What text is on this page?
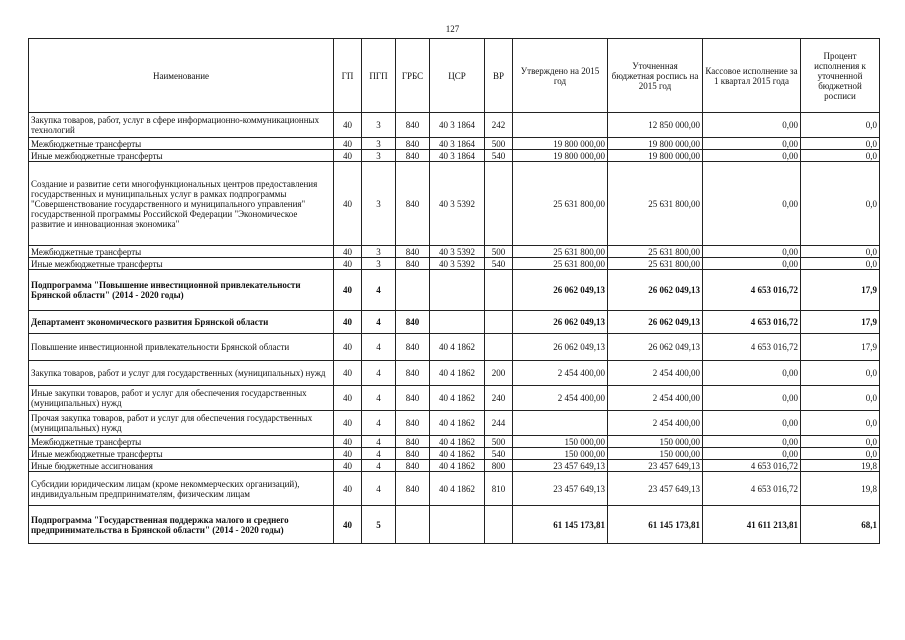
127
Наименование	ГП	ПГП	ГРБС	ЦСР	ВР	Утверждено на 2015 год	Уточненная бюджетная роспись на 2015 год	Кассовое исполнение за 1 квартал 2015 года	Процент исполнения к уточненной бюджетной росписи
Закупка товаров, работ, услуг в сфере информационно-коммуникационных технологий	40	3	840	40 3 1864	242		12 850 000,00	0,00	0,0
Межбюджетные трансферты	40	3	840	40 3 1864	500	19 800 000,00	19 800 000,00	0,00	0,0
Иные межбюджетные трансферты	40	3	840	40 3 1864	540	19 800 000,00	19 800 000,00	0,00	0,0
Создание и развитие сети многофункциональных центров предоставления государственных и муниципальных услуг в рамках подпрограммы "Совершенствование государственного и муниципального управления" государственной программы Российской Федерации "Экономическое развитие и инновационная экономика"	40	3	840	40 3 5392		25 631 800,00	25 631 800,00	0,00	0,0
Межбюджетные трансферты	40	3	840	40 3 5392	500	25 631 800,00	25 631 800,00	0,00	0,0
Иные межбюджетные трансферты	40	3	840	40 3 5392	540	25 631 800,00	25 631 800,00	0,00	0,0
Подпрограмма "Повышение инвестиционной привлекательности Брянской области" (2014 - 2020 годы)	40	4				26 062 049,13	26 062 049,13	4 653 016,72	17,9
Департамент экономического развития Брянской области	40	4	840			26 062 049,13	26 062 049,13	4 653 016,72	17,9
Повышение инвестиционной привлекательности Брянской области	40	4	840	40 4 1862		26 062 049,13	26 062 049,13	4 653 016,72	17,9
Закупка товаров, работ и услуг для государственных (муниципальных) нужд	40	4	840	40 4 1862	200	2 454 400,00	2 454 400,00	0,00	0,0
Иные закупки товаров, работ и услуг для обеспечения государственных (муниципальных) нужд	40	4	840	40 4 1862	240	2 454 400,00	2 454 400,00	0,00	0,0
Прочая закупка товаров, работ и услуг для обеспечения государственных (муниципальных) нужд	40	4	840	40 4 1862	244		2 454 400,00	0,00	0,0
Межбюджетные трансферты	40	4	840	40 4 1862	500	150 000,00	150 000,00	0,00	0,0
Иные межбюджетные трансферты	40	4	840	40 4 1862	540	150 000,00	150 000,00	0,00	0,0
Иные бюджетные ассигнования	40	4	840	40 4 1862	800	23 457 649,13	23 457 649,13	4 653 016,72	19,8
Субсидии юридическим лицам (кроме некоммерческих организаций), индивидуальным предпринимателям, физическим лицам	40	4	840	40 4 1862	810	23 457 649,13	23 457 649,13	4 653 016,72	19,8
Подпрограмма "Государственная поддержка малого и среднего предпринимательства в Брянской области" (2014 - 2020 годы)	40	5				61 145 173,81	61 145 173,81	41 611 213,81	68,1
